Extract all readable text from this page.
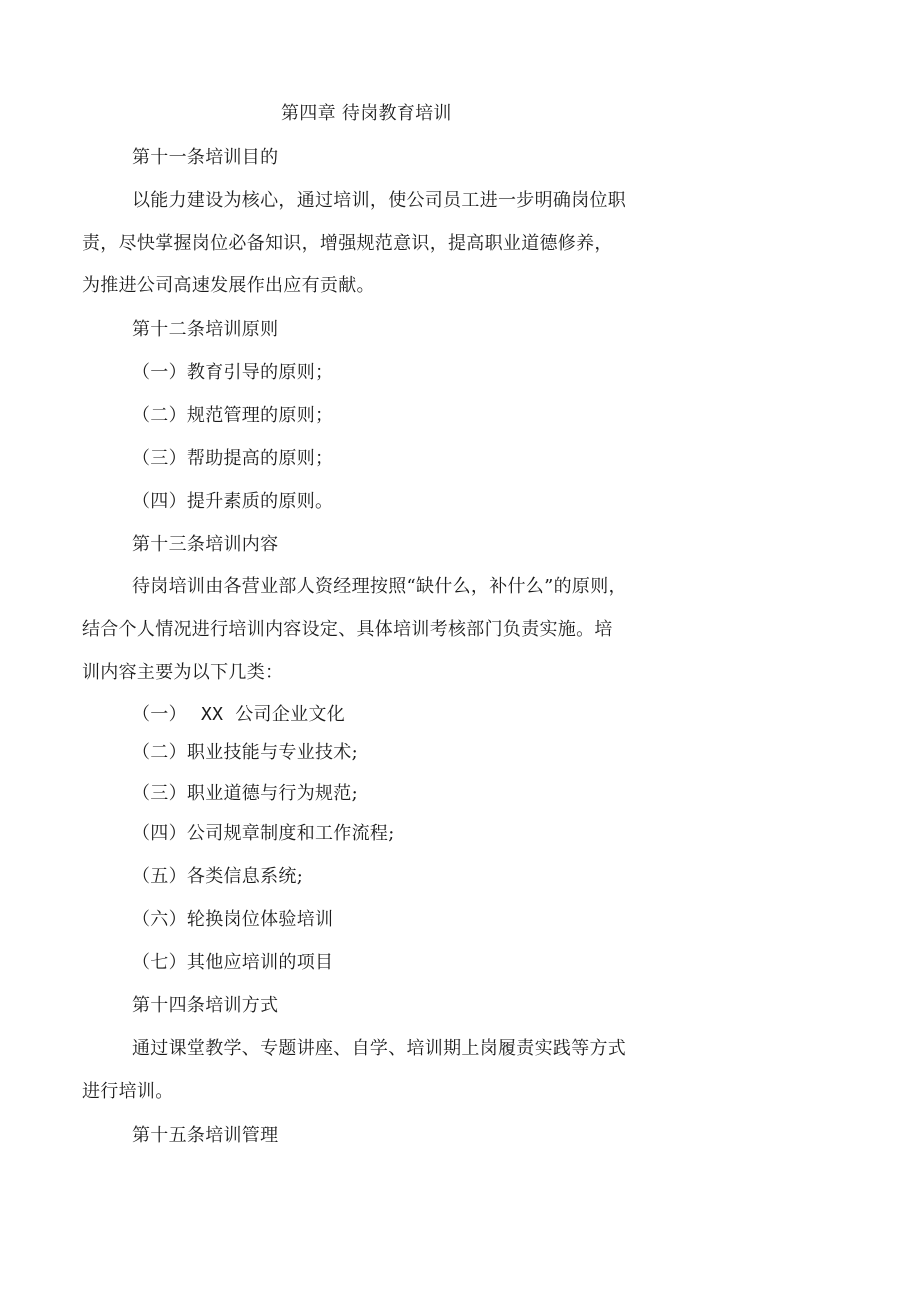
第四章 待岗教育培训
第十一条培训目的
以能力建设为核心，通过培训，使公司员工进一步明确岗位职
责，尽快掌握岗位必备知识，增强规范意识，提高职业道德修养，
为推进公司高速发展作出应有贡献。
第十二条培训原则
（一）教育引导的原则；
（二）规范管理的原则；
（三）帮助提高的原则；
（四）提升素质的原则。
第十三条培训内容
待岗培训由各营业部人资经理按照“缺什么，补什么”的原则，
结合个人情况进行培训内容设定、具体培训考核部门负责实施。培
训内容主要为以下几类：
（一） XX 公司企业文化
（二）职业技能与专业技术;
（三）职业道德与行为规范;
（四）公司规章制度和工作流程;
（五）各类信息系统;
（六）轮换岗位体验培训
（七）其他应培训的项目
第十四条培训方式
通过课堂教学、专题讲座、自学、培训期上岗履责实践等方式
进行培训。
第十五条培训管理
